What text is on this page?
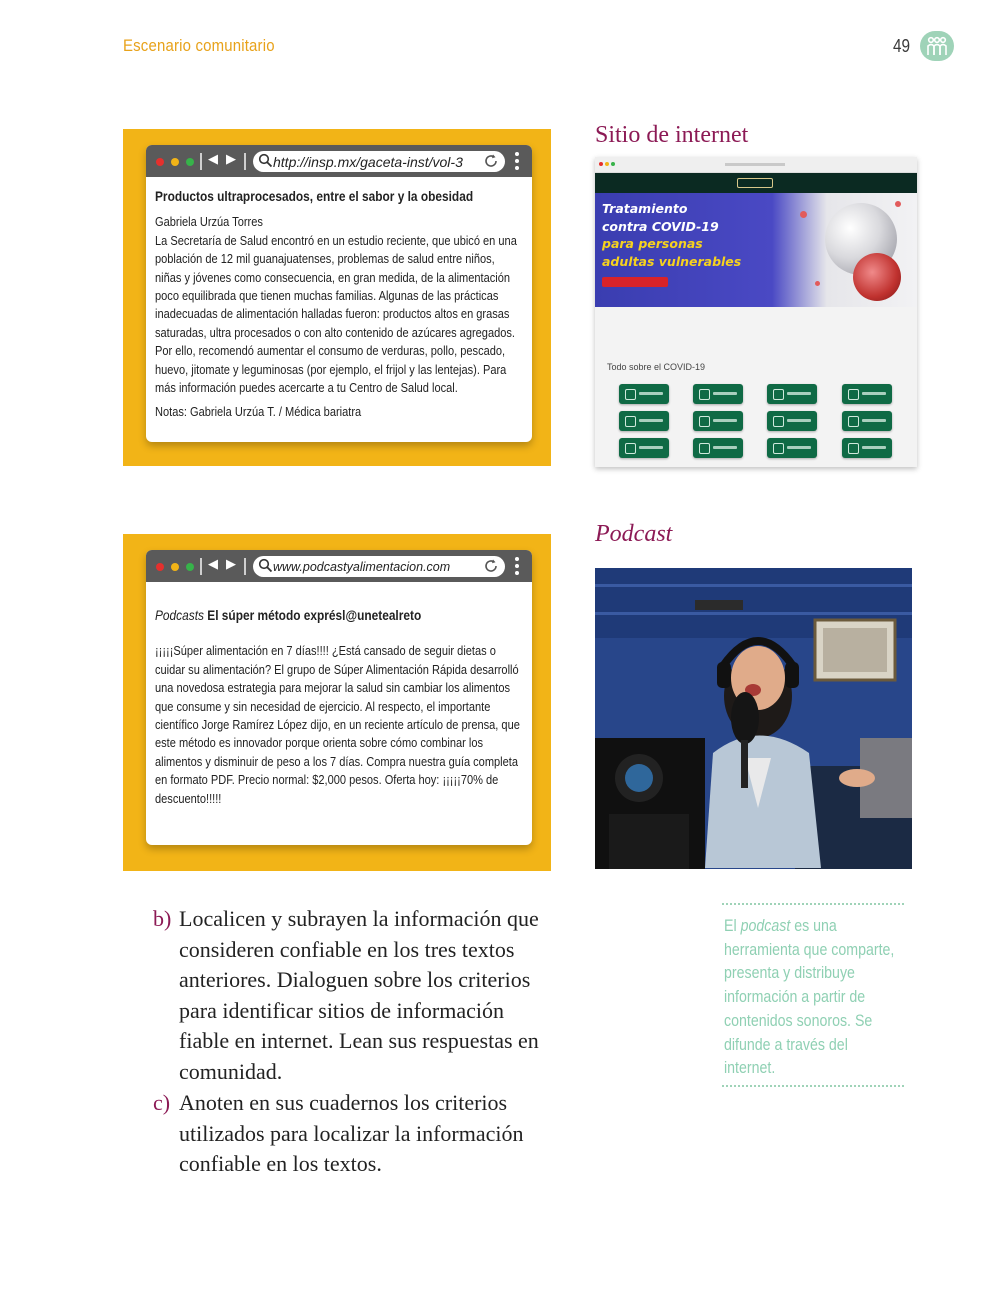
Escenario comunitario	49
◀ ▶	http://insp.mx/gaceta-inst/vol-3
Productos ultraprocesados, entre el sabor y la obesidad
Gabriela Urzúa Torres
La Secretaría de Salud encontró en un estudio reciente, que ubicó en una población de 12 mil guanajuatenses, problemas de salud entre niños, niñas y jóvenes como consecuencia, en gran medida, de la alimentación poco equilibrada que tienen muchas familias. Algunas de las prácticas inadecuadas de alimentación halladas fueron: productos altos en grasas saturadas, ultra procesados o con alto contenido de azúcares agregados. Por ello, recomendó aumentar el consumo de verduras, pollo, pescado, huevo, jitomate y leguminosas (por ejemplo, el frijol y las lentejas). Para más información puedes acercarte a tu Centro de Salud local.
Notas: Gabriela Urzúa T. / Médica bariatra
Sitio de internet
Tratamiento
contra COVID-19
para personas
adultas vulnerables
Todo sobre el COVID-19
◀ ▶	www.podcastyalimentacion.com
Podcasts El súper método exprésl@unetealreto
¡¡¡¡¡Súper alimentación en 7 días!!!! ¿Está cansado de seguir dietas o cuidar su alimentación? El grupo de Súper Alimentación Rápida desarrolló una novedosa estrategia para mejorar la salud sin cambiar los alimentos que consume y sin necesidad de ejercicio. Al respecto, el importante científico Jorge Ramírez López dijo, en un reciente artículo de prensa, que este método es innovador porque orienta sobre cómo combinar los alimentos y disminuir de peso a los 7 días. Compra nuestra guía completa en formato PDF. Precio normal: $2,000 pesos. Oferta hoy: ¡¡¡¡¡70% de descuento!!!!!
Podcast
b) Localicen y subrayen la información que consideren confiable en los tres textos anteriores. Dialoguen sobre los criterios para identificar sitios de información fiable en internet. Lean sus respuestas en comunidad.
c) Anoten en sus cuadernos los criterios utilizados para localizar la información confiable en los textos.
El podcast es una herramienta que comparte, presenta y distribuye información a partir de contenidos sonoros. Se difunde a través del internet.
